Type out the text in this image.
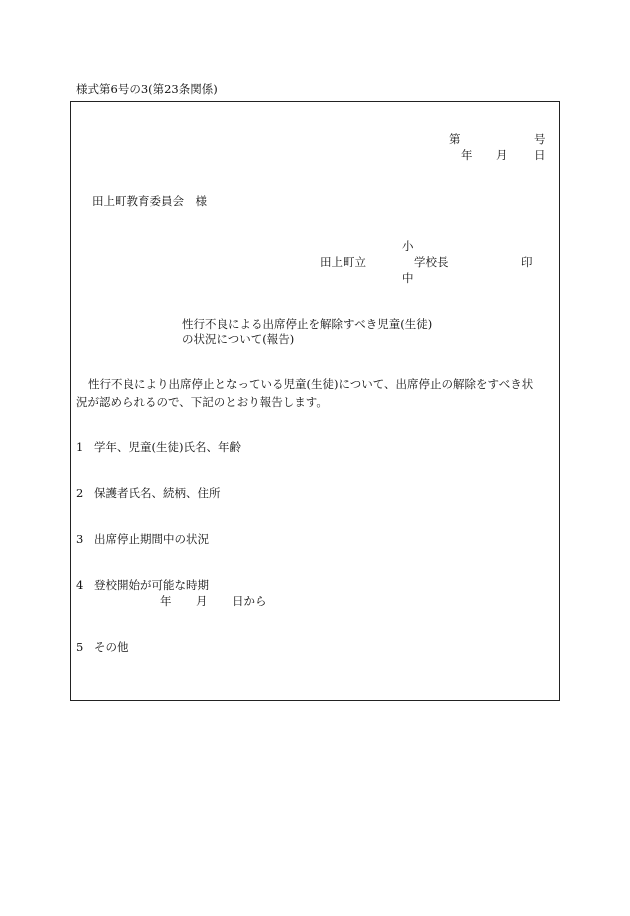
様式第6号の3(第23条関係)
第	号
年 月 日
田上町教育委員会　様
小
田上町立	学校長	印
中
性行不良による出席停止を解除すべき児童(生徒)
の状況について(報告)
性行不良により出席停止となっている児童(生徒)について、出席停止の解除をすべき状
況が認められるので、下記のとおり報告します。
1 学年、児童(生徒)氏名、年齢
2 保護者氏名、続柄、住所
3 出席停止期間中の状況
4 登校開始が可能な時期
年 月 日から
5 その他
